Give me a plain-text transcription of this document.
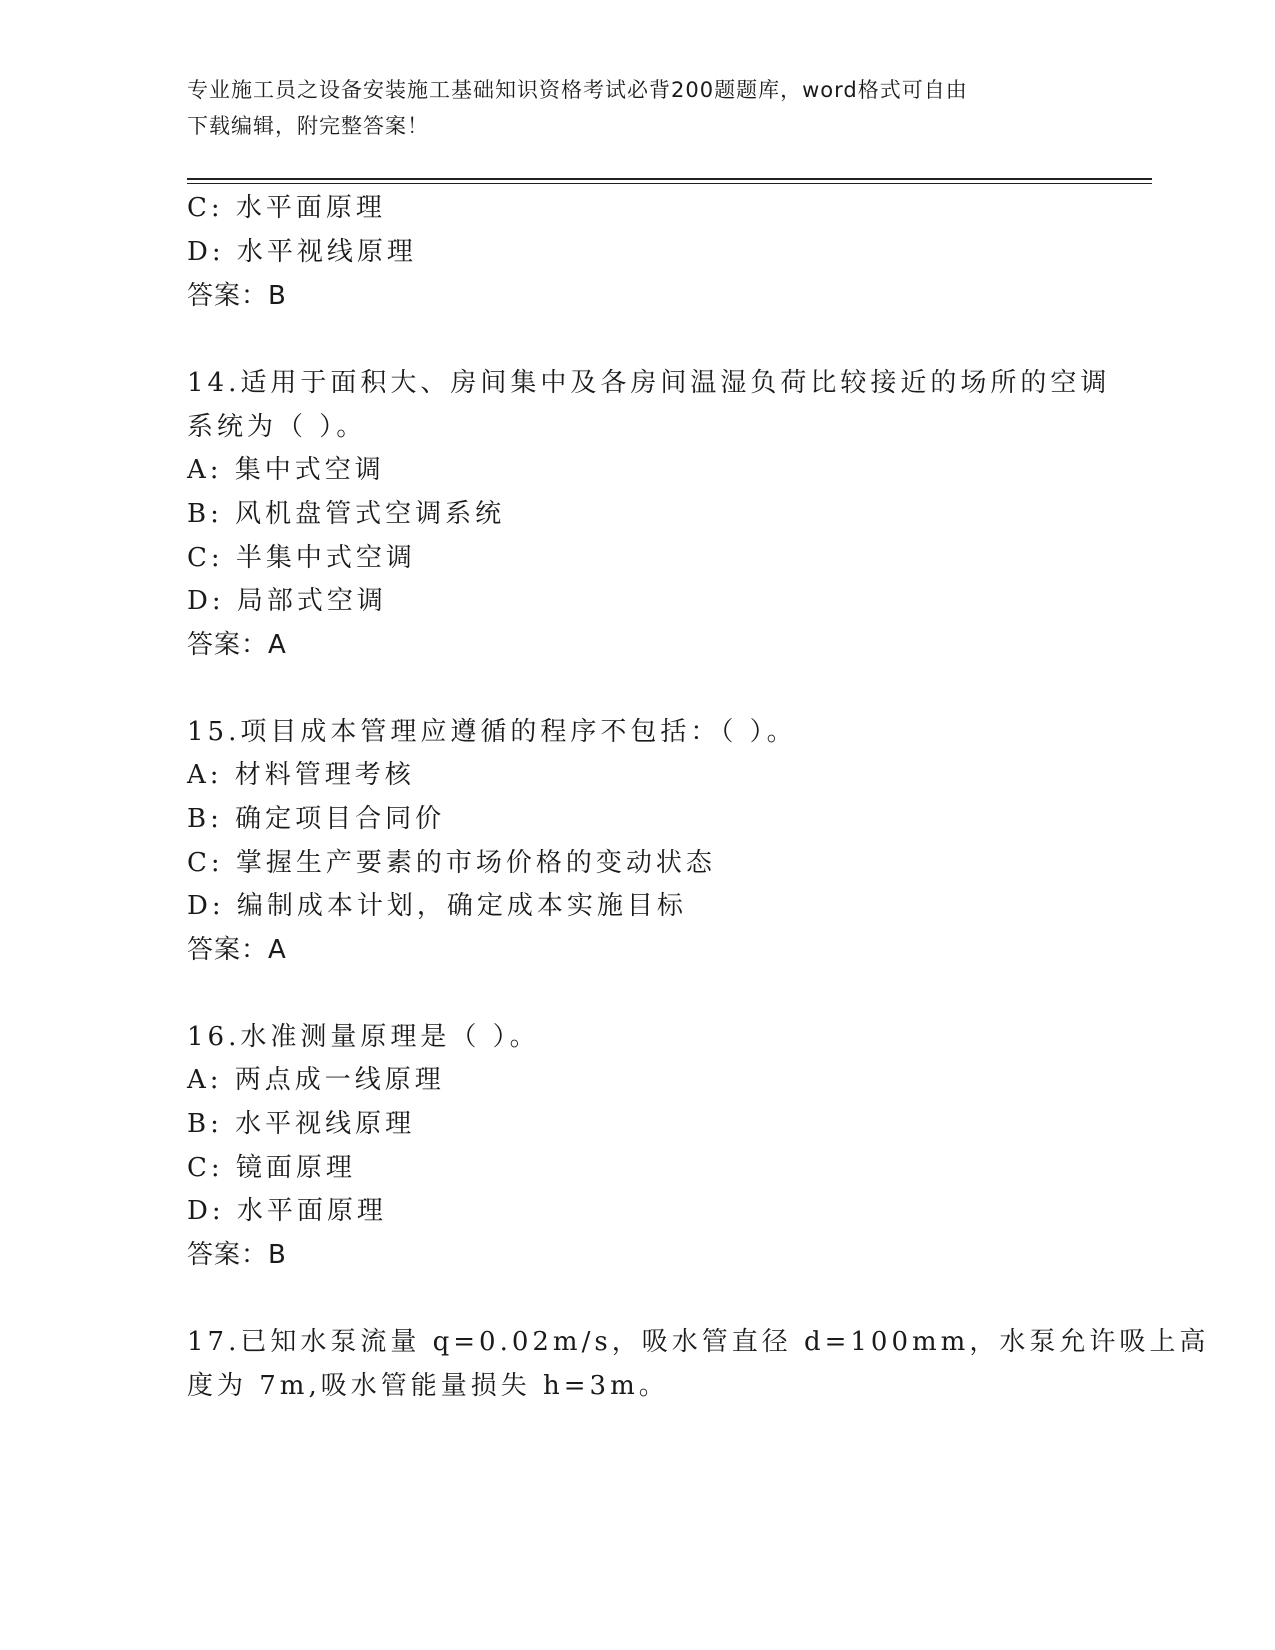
专业施工员之设备安装施工基础知识资格考试必背200题题库，word格式可自由
下载编辑，附完整答案！
C: 水平面原理
D: 水平视线原理
答案：B
14.适用于面积大、房间集中及各房间温湿负荷比较接近的场所的空调
系统为（ ）。
A: 集中式空调
B: 风机盘管式空调系统
C: 半集中式空调
D: 局部式空调
答案：A
15.项目成本管理应遵循的程序不包括：（ ）。
A: 材料管理考核
B: 确定项目合同价
C: 掌握生产要素的市场价格的变动状态
D: 编制成本计划，确定成本实施目标
答案：A
16.水准测量原理是（ ）。
A: 两点成一线原理
B: 水平视线原理
C: 镜面原理
D: 水平面原理
答案：B
17.已知水泵流量 q=0.02m/s，吸水管直径 d=100mm，水泵允许吸上高
度为 7m,吸水管能量损失 h=3m。
